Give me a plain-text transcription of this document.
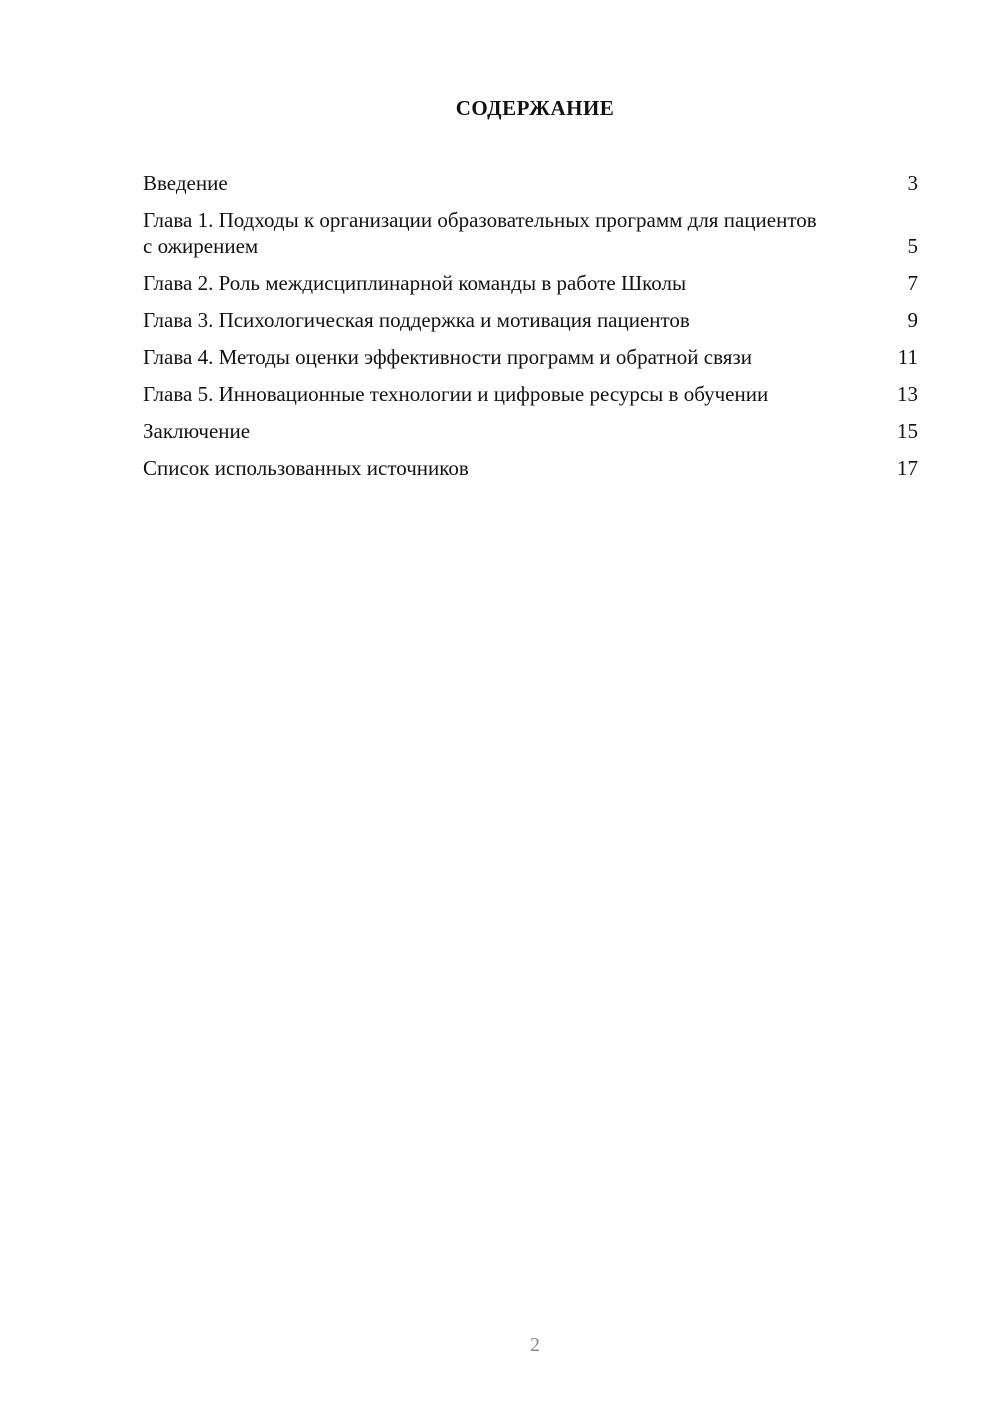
СОДЕРЖАНИЕ
Введение	3
Глава 1. Подходы к организации образовательных программ для пациентов с ожирением	5
Глава 2. Роль междисциплинарной команды в работе Школы	7
Глава 3. Психологическая поддержка и мотивация пациентов	9
Глава 4. Методы оценки эффективности программ и обратной связи	11
Глава 5. Инновационные технологии и цифровые ресурсы в обучении	13
Заключение	15
Список использованных источников	17
2
